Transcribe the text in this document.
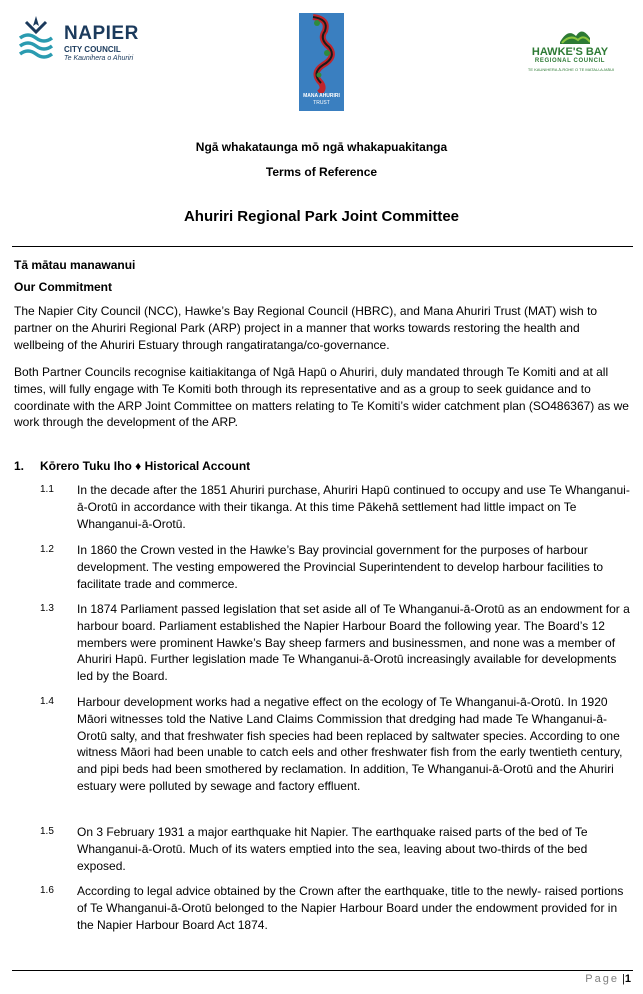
NAPIER
CITY COUNCIL
Te Kaunihera o Ahuriri
MANA AHURIRI
TRUST
HAWKE'S BAY
REGIONAL COUNCIL
TE KAUNIHERA Ā-ROHE O TE MATAU-A-MĀUI
Ngā whakataunga mō ngā whakapuakitanga
Terms of Reference
Ahuriri Regional Park Joint Committee
Tā mātau manawanui
Our Commitment
The Napier City Council (NCC), Hawke’s Bay Regional Council (HBRC), and Mana Ahuriri Trust (MAT) wish to partner on the Ahuriri Regional Park (ARP) project in a manner that works towards restoring the health and wellbeing of the Ahuriri Estuary through rangatiratanga/co-governance.
Both Partner Councils recognise kaitiakitanga of Ngā Hapū o Ahuriri, duly mandated through Te Komiti and at all times, will fully engage with Te Komiti both through its representative and as a group to seek guidance and to coordinate with the ARP Joint Committee on matters relating to Te Komiti’s wider catchment plan (SO486367) as we work through the development of the ARP.
1. Kōrero Tuku Iho ♦ Historical Account
1.1 In the decade after the 1851 Ahuriri purchase, Ahuriri Hapū continued to occupy and use Te Whanganui-ā-Orotū in accordance with their tikanga. At this time Pākehā settlement had little impact on Te Whanganui-ā-Orotū.
1.2 In 1860 the Crown vested in the Hawke’s Bay provincial government for the purposes of harbour development. The vesting empowered the Provincial Superintendent to develop harbour facilities to facilitate trade and commerce.
1.3 In 1874 Parliament passed legislation that set aside all of Te Whanganui-ā-Orotū as an endowment for a harbour board. Parliament established the Napier Harbour Board the following year. The Board’s 12 members were prominent Hawke’s Bay sheep farmers and businessmen, and none was a member of Ahuriri Hapū. Further legislation made Te Whanganui-ā-Orotū increasingly available for developments led by the Board.
1.4 Harbour development works had a negative effect on the ecology of Te Whanganui-ā-Orotū. In 1920 Māori witnesses told the Native Land Claims Commission that dredging had made Te Whanganui-ā-Orotū salty, and that freshwater fish species had been replaced by saltwater species. According to one witness Māori had been unable to catch eels and other freshwater fish from the early twentieth century, and pipi beds had been smothered by reclamation. In addition, Te Whanganui-ā-Orotū and the Ahuriri estuary were polluted by sewage and factory effluent.
1.5 On 3 February 1931 a major earthquake hit Napier. The earthquake raised parts of the bed of Te Whanganui-ā-Orotū. Much of its waters emptied into the sea, leaving about two-thirds of the bed exposed.
1.6 According to legal advice obtained by the Crown after the earthquake, title to the newly- raised portions of Te Whanganui-ā-Orotū belonged to the Napier Harbour Board under the endowment provided for in the Napier Harbour Board Act 1874.
Page |1
